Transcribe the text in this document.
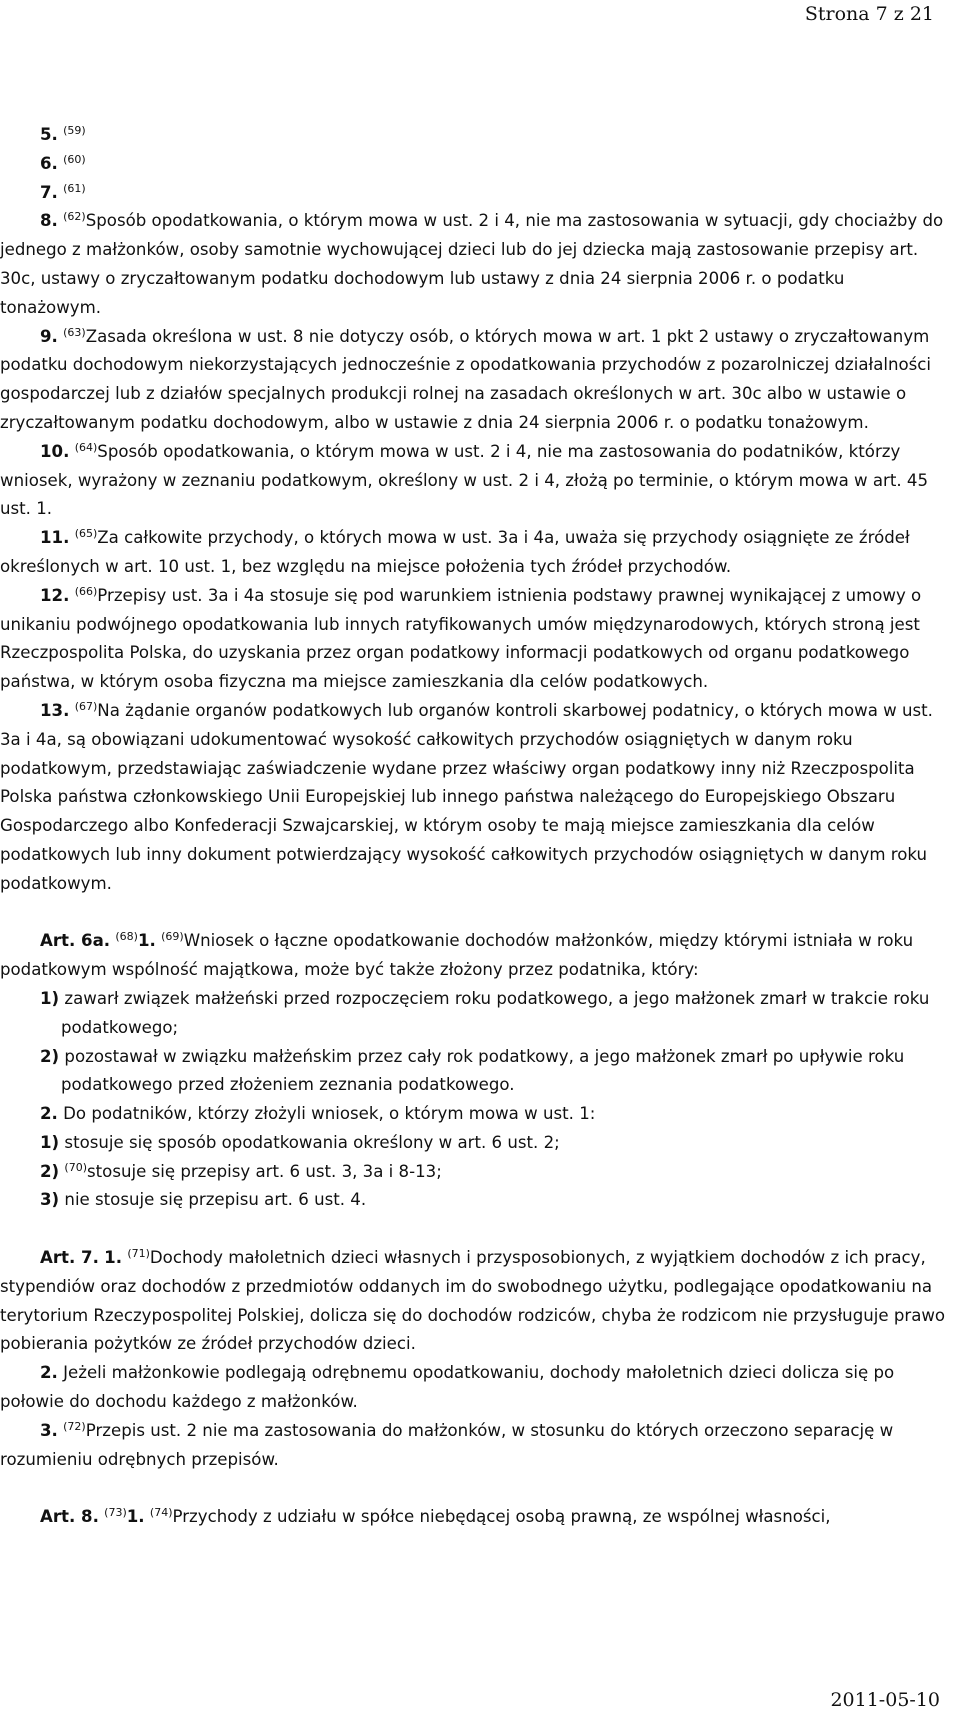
Strona 7 z 21

5. $^{(59)}$

6. $^{(60)}$

7. $^{(61)}$

8. $^{(62)}$Sposób opodatkowania, o którym mowa w ust. 2 i 4, nie ma zastosowania w sytuacji, gdy chociażby do jednego z małżonków, osoby samotnie wychowującej dzieci lub do jej dziecka mają zastosowanie przepisy art. 30c, ustawy o zryczałtowanym podatku dochodowym lub ustawy z dnia 24 sierpnia 2006 r. o podatku tonażowym.

9. $^{(63)}$Zasada określona w ust. 8 nie dotyczy osób, o których mowa w art. 1 pkt 2 ustawy o zryczałtowanym podatku dochodowym niekorzystających jednocześnie z opodatkowania przychodów z pozarolniczej działalności gospodarczej lub z działów specjalnych produkcji rolnej na zasadach określonych w art. 30c albo w ustawie o zryczałtowanym podatku dochodowym, albo w ustawie z dnia 24 sierpnia 2006 r. o podatku tonażowym.

10. $^{(64)}$Sposób opodatkowania, o którym mowa w ust. 2 i 4, nie ma zastosowania do podatników, którzy wniosek, wyrażony w zeznaniu podatkowym, określony w ust. 2 i 4, złożą po terminie, o którym mowa w art. 45 ust. 1.

11. $^{(65)}$Za całkowite przychody, o których mowa w ust. 3a i 4a, uważa się przychody osiągnięte ze źródeł określonych w art. 10 ust. 1, bez względu na miejsce położenia tych źródeł przychodów.

12. $^{(66)}$Przepisy ust. 3a i 4a stosuje się pod warunkiem istnienia podstawy prawnej wynikającej z umowy o unikaniu podwójnego opodatkowania lub innych ratyfikowanych umów międzynarodowych, których stroną jest Rzeczpospolita Polska, do uzyskania przez organ podatkowy informacji podatkowych od organu podatkowego państwa, w którym osoba fizyczna ma miejsce zamieszkania dla celów podatkowych.

13. $^{(67)}$Na żądanie organów podatkowych lub organów kontroli skarbowej podatnicy, o których mowa w ust. 3a i 4a, są obowiązani udokumentować wysokość całkowitych przychodów osiągniętych w danym roku podatkowym, przedstawiając zaświadczenie wydane przez właściwy organ podatkowy inny niż Rzeczpospolita Polska państwa członkowskiego Unii Europejskiej lub innego państwa należącego do Europejskiego Obszaru Gospodarczego albo Konfederacji Szwajcarskiej, w którym osoby te mają miejsce zamieszkania dla celów podatkowych lub inny dokument potwierdzający wysokość całkowitych przychodów osiągniętych w danym roku podatkowym.

Art. 6a. $^{(68)}$1. $^{(69)}$Wniosek o łączne opodatkowanie dochodów małżonków, między którymi istniała w roku podatkowym wspólność majątkowa, może być także złożony przez podatnika, który:

1) zawarł związek małżeński przed rozpoczęciem roku podatkowego, a jego małżonek zmarł w trakcie roku podatkowego;

2) pozostawał w związku małżeńskim przez cały rok podatkowy, a jego małżonek zmarł po upływie roku podatkowego przed złożeniem zeznania podatkowego.

2. Do podatników, którzy złożyli wniosek, o którym mowa w ust. 1:

1) stosuje się sposób opodatkowania określony w art. 6 ust. 2;

2) $^{(70)}$stosuje się przepisy art. 6 ust. 3, 3a i 8-13;

3) nie stosuje się przepisu art. 6 ust. 4.

Art. 7. 1. $^{(71)}$Dochody małoletnich dzieci własnych i przysposobionych, z wyjątkiem dochodów z ich pracy, stypendiów oraz dochodów z przedmiotów oddanych im do swobodnego użytku, podlegające opodatkowaniu na terytorium Rzeczypospolitej Polskiej, dolicza się do dochodów rodziców, chyba że rodzicom nie przysługuje prawo pobierania pożytków ze źródeł przychodów dzieci.

2. Jeżeli małżonkowie podlegają odrębnemu opodatkowaniu, dochody małoletnich dzieci dolicza się po połowie do dochodu każdego z małżonków.

3. $^{(72)}$Przepis ust. 2 nie ma zastosowania do małżonków, w stosunku do których orzeczono separację w rozumieniu odrębnych przepisów.

Art. 8. $^{(73)}$1. $^{(74)}$Przychody z udziału w spółce niebędącej osobą prawną, ze wspólnej własności,

2011-05-10
